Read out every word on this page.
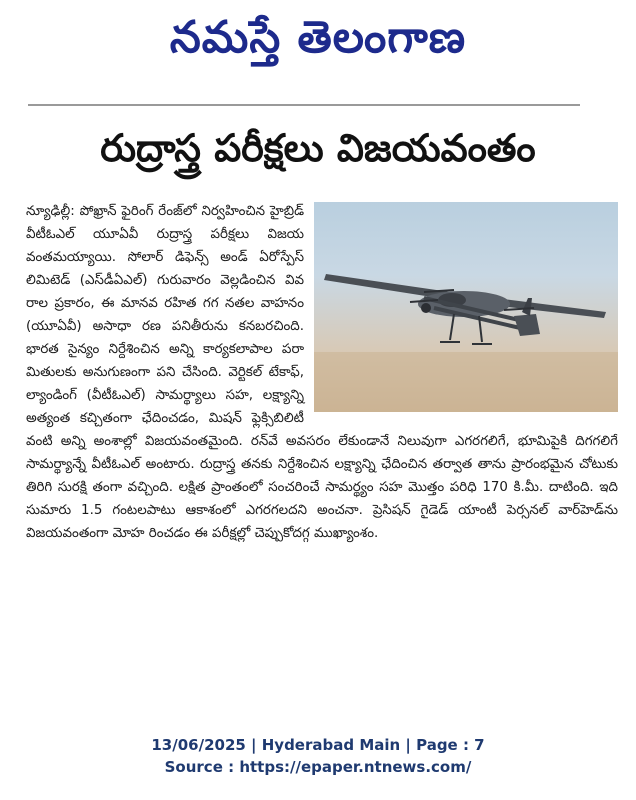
నమస్తే తెలంగాణ
రుద్రాస్త్ర పరీక్షలు విజయవంతం

న్యూఢిల్లీ: పోఖ్రాన్ ఫైరింగ్ రేంజ్‌లో నిర్వహించిన హైబ్రిడ్ వీటీఓఎల్ యూఏవీ రుద్రాస్త్ర పరీక్షలు విజయ వంతమయ్యాయి. సోలార్ డిఫెన్స్ అండ్ ఏరోస్పేస్ లిమిటెడ్ (ఎస్‌డీఏఎల్) గురువారం వెల్లడించిన వివ రాల ప్రకారం, ఈ మానవ రహిత గగ నతల వాహనం (యూఏవీ) అసాధా రణ పనితీరును కనబరచింది. భారత సైన్యం నిర్దేశించిన అన్ని కార్యకలాపాల పరా మితులకు అనుగుణంగా పని చేసింది. వెర్టికల్ టేకాఫ్, ల్యాండింగ్ (వీటీఓఎల్) సామర్థ్యాలు సహ, లక్ష్యాన్ని అత్యంత కచ్చితంగా ఛేదించడం, మిషన్ ఫ్లెక్సిబిలిటీ వంటి అన్ని అంశాల్లో విజయవంతమైంది. రన్‌వే అవసరం లేకుండానే నిలువుగా ఎగరగలిగే, భూమిపైకి దిగగలిగే సామర్థ్యాన్నే వీటీఓఎల్ అంటారు. రుద్రాస్త్ర తనకు నిర్దేశించిన లక్ష్యాన్ని ఛేదించిన తర్వాత తాను ప్రారంభమైన చోటుకు తిరిగి సురక్షి తంగా వచ్చింది. లక్షిత ప్రాంతంలో సంచరించే సామర్థ్యం సహ మొత్తం పరిధి 170 కి.మీ. దాటింది. ఇది సుమారు 1.5 గంటలపాటు ఆకాశంలో ఎగరగలదని అంచనా. ప్రెసిషన్ గైడెడ్ యాంటీ పెర్సనల్ వార్‌హెడ్‌ను విజయవంతంగా మోహ రించడం ఈ పరీక్షల్లో చెప్పుకోదగ్గ ముఖ్యాంశం.

13/06/2025 | Hyderabad Main | Page : 7
Source : https://epaper.ntnews.com/
